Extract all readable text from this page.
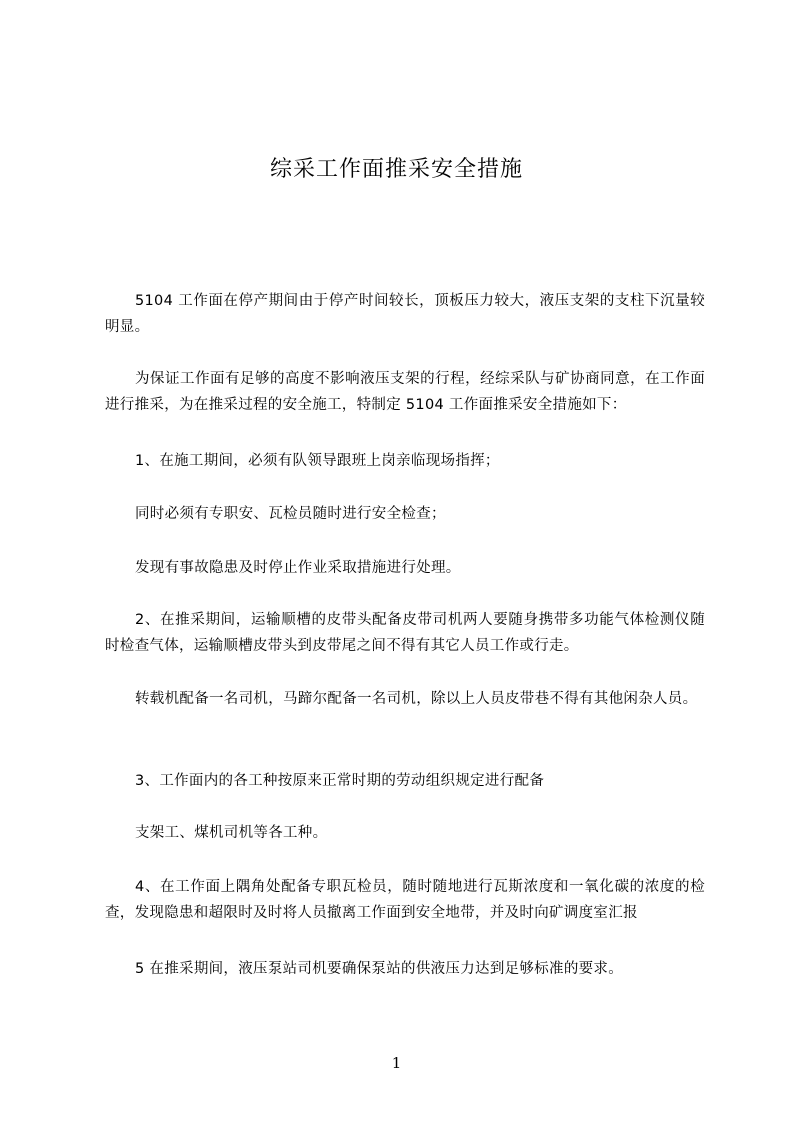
综采工作面推采安全措施

5104 工作面在停产期间由于停产时间较长，顶板压力较大，液压支架的支柱下沉量较明显。

为保证工作面有足够的高度不影响液压支架的行程，经综采队与矿协商同意，在工作面进行推采，为在推采过程的安全施工，特制定 5104 工作面推采安全措施如下：

1、在施工期间，必须有队领导跟班上岗亲临现场指挥；

同时必须有专职安、瓦检员随时进行安全检查；

发现有事故隐患及时停止作业采取措施进行处理。

2、在推采期间，运输顺槽的皮带头配备皮带司机两人要随身携带多功能气体检测仪随时检查气体，运输顺槽皮带头到皮带尾之间不得有其它人员工作或行走。

转载机配备一名司机，马蹄尔配备一名司机，除以上人员皮带巷不得有其他闲杂人员。

3、工作面内的各工种按原来正常时期的劳动组织规定进行配备

支架工、煤机司机等各工种。

4、在工作面上隅角处配备专职瓦检员，随时随地进行瓦斯浓度和一氧化碳的浓度的检查，发现隐患和超限时及时将人员撤离工作面到安全地带，并及时向矿调度室汇报

5 在推采期间，液压泵站司机要确保泵站的供液压力达到足够标准的要求。

1
